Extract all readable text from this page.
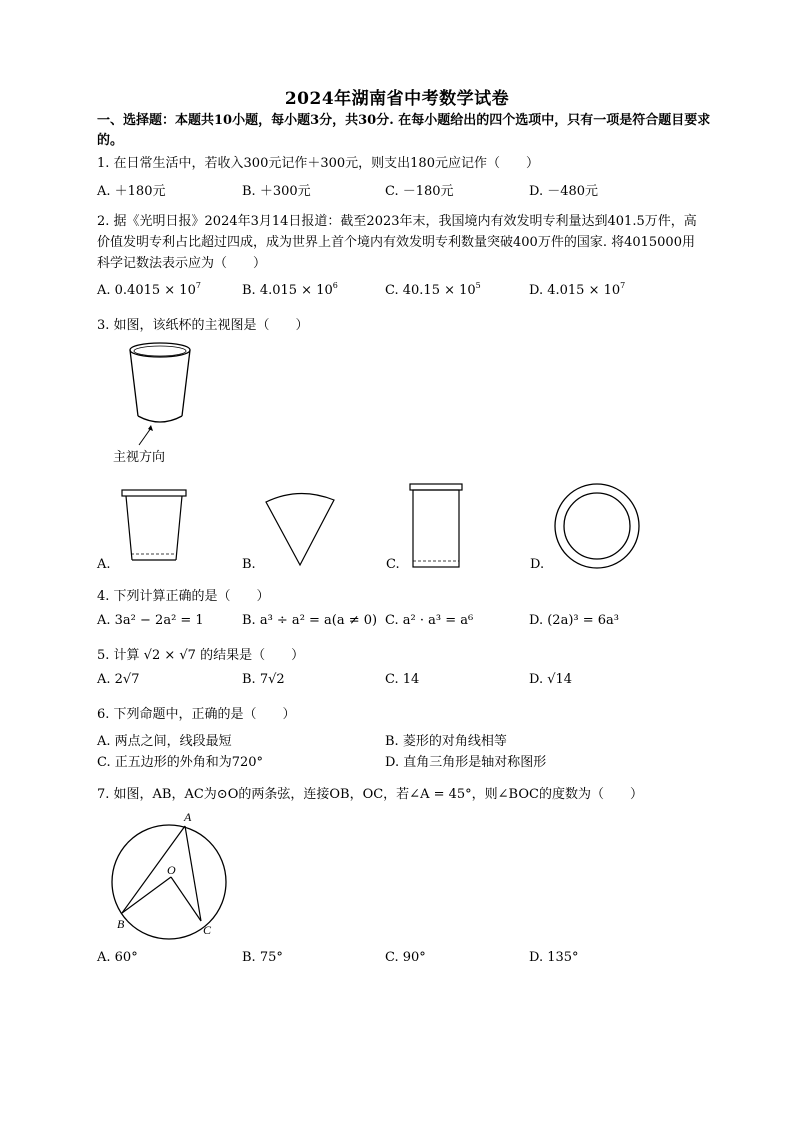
2024年湖南省中考数学试卷
一、选择题：本题共10小题，每小题3分，共30分. 在每小题给出的四个选项中，只有一项是符合题目要求的。
1. 在日常生活中，若收入300元记作＋300元，则支出180元应记作（　　）
A. ＋180元	B. ＋300元	C. －180元	D. －480元
2. 据《光明日报》2024年3月14日报道：截至2023年末，我国境内有效发明专利量达到401.5万件，高价值发明专利占比超过四成，成为世界上首个境内有效发明专利数量突破400万件的国家. 将4015000用科学记数法表示应为（　　）
A. $0.4015 \times 10^7$	B. $4.015 \times 10^6$	C. $40.15 \times 10^5$	D. $4.015 \times 10^7$
3. 如图，该纸杯的主视图是（　　）
主视方向
A.	B.	C.	D.
4. 下列计算正确的是（　　）
A. 3a² − 2a² = 1	B. a³ ÷ a² = a(a ≠ 0) C. a² · a³ = a⁶	D. (2a)³ = 6a³
5. 计算 √2 × √7 的结果是（　　）
A. 2√7	B. 7√2	C. 14	D. √14
6. 下列命题中，正确的是（　　）
A. 两点之间，线段最短	B. 菱形的对角线相等
C. 正五边形的外角和为720°	D. 直角三角形是轴对称图形
7. 如图，AB，AC为⊙O的两条弦，连接OB，OC，若∠A = 45°，则∠BOC的度数为（　　）
A
O
B	C
A. 60°	B. 75°	C. 90°	D. 135°
